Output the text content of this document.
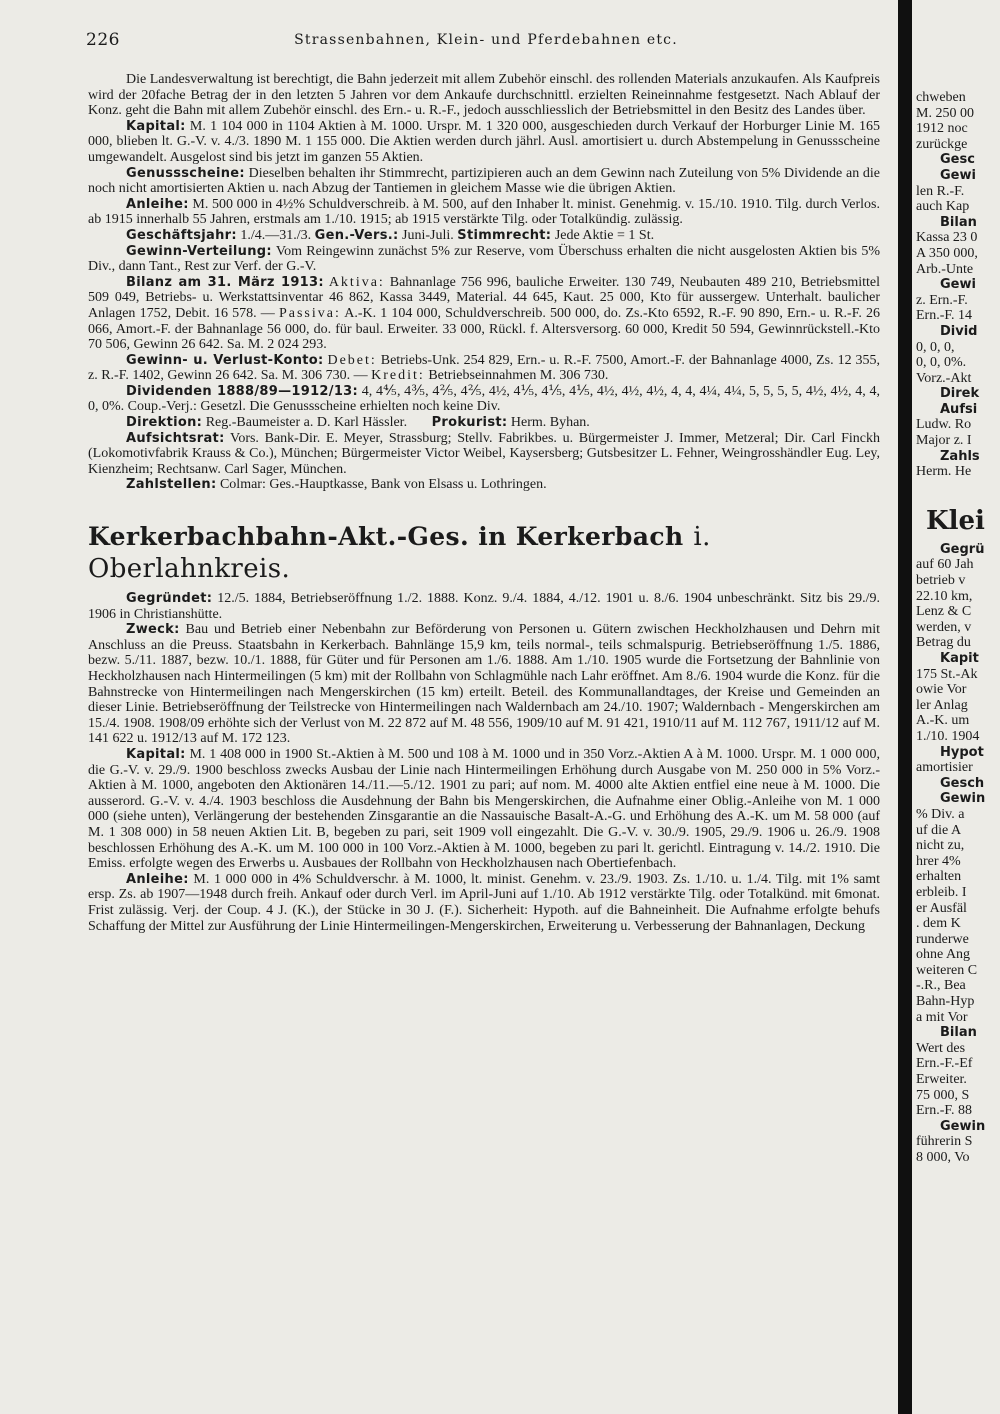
226	Strassenbahnen, Klein- und Pferdebahnen etc.

Die Landesverwaltung ist berechtigt, die Bahn jederzeit mit allem Zubehör einschl. des rollenden Materials anzukaufen. Als Kaufpreis wird der 20fache Betrag der in den letzten 5 Jahren vor dem Ankaufe durchschnittl. erzielten Reineinnahme festgesetzt. Nach Ablauf der Konz. geht die Bahn mit allem Zubehör einschl. des Ern.- u. R.-F., jedoch ausschliesslich der Betriebsmittel in den Besitz des Landes über.

Kapital: M. 1 104 000 in 1104 Aktien à M. 1000. Urspr. M. 1 320 000, ausgeschieden durch Verkauf der Horburger Linie M. 165 000, blieben lt. G.-V. v. 4./3. 1890 M. 1 155 000. Die Aktien werden durch jährl. Ausl. amortisiert u. durch Abstempelung in Genussscheine umgewandelt. Ausgelost sind bis jetzt im ganzen 55 Aktien.

Genussscheine: Dieselben behalten ihr Stimmrecht, partizipieren auch an dem Gewinn nach Zuteilung von 5% Dividende an die noch nicht amortisierten Aktien u. nach Abzug der Tantiemen in gleichem Masse wie die übrigen Aktien.

Anleihe: M. 500 000 in 4½% Schuldverschreib. à M. 500, auf den Inhaber lt. minist. Genehmig. v. 15./10. 1910. Tilg. durch Verlos. ab 1915 innerhalb 55 Jahren, erstmals am 1./10. 1915; ab 1915 verstärkte Tilg. oder Totalkündig. zulässig.

Geschäftsjahr: 1./4.—31./3. Gen.-Vers.: Juni-Juli. Stimmrecht: Jede Aktie = 1 St.

Gewinn-Verteilung: Vom Reingewinn zunächst 5% zur Reserve, vom Überschuss erhalten die nicht ausgelosten Aktien bis 5% Div., dann Tant., Rest zur Verf. der G.-V.

Bilanz am 31. März 1913: Aktiva: Bahnanlage 756 996, bauliche Erweiter. 130 749, Neubauten 489 210, Betriebsmittel 509 049, Betriebs- u. Werkstattsinventar 46 862, Kassa 3449, Material. 44 645, Kaut. 25 000, Kto für aussergew. Unterhalt. baulicher Anlagen 1752, Debit. 16 578. — Passiva: A.-K. 1 104 000, Schuldverschreib. 500 000, do. Zs.-Kto 6592, R.-F. 90 890, Ern.- u. R.-F. 26 066, Amort.-F. der Bahnanlage 56 000, do. für baul. Erweiter. 33 000, Rückl. f. Altersversorg. 60 000, Kredit 50 594, Gewinnrückstell.-Kto 70 506, Gewinn 26 642. Sa. M. 2 024 293.

Gewinn- u. Verlust-Konto: Debet: Betriebs-Unk. 254 829, Ern.- u. R.-F. 7500, Amort.-F. der Bahnanlage 4000, Zs. 12 355, z. R.-F. 1402, Gewinn 26 642. Sa. M. 306 730. — Kredit: Betriebseinnahmen M. 306 730.

Dividenden 1888/89—1912/13: 4, 4⅘, 4⅗, 4⅖, 4⅖, 4½, 4⅕, 4⅕, 4⅕, 4½, 4½, 4½, 4, 4, 4¼, 4¼, 5, 5, 5, 5, 4½, 4½, 4, 4, 0, 0%. Coup.-Verj.: Gesetzl. Die Genussscheine erhielten noch keine Div.

Direktion: Reg.-Baumeister a. D. Karl Hässler. Prokurist: Herm. Byhan.

Aufsichtsrat: Vors. Bank-Dir. E. Meyer, Strassburg; Stellv. Fabrikbes. u. Bürgermeister J. Immer, Metzeral; Dir. Carl Finckh (Lokomotivfabrik Krauss & Co.), München; Bürgermeister Victor Weibel, Kaysersberg; Gutsbesitzer L. Fehner, Weingrosshändler Eug. Ley, Kienzheim; Rechtsanw. Carl Sager, München.

Zahlstellen: Colmar: Ges.-Hauptkasse, Bank von Elsass u. Lothringen.

Kerkerbachbahn-Akt.-Ges. in Kerkerbach i. Oberlahnkreis.

Gegründet: 12./5. 1884, Betriebseröffnung 1./2. 1888. Konz. 9./4. 1884, 4./12. 1901 u. 8./6. 1904 unbeschränkt. Sitz bis 29./9. 1906 in Christianshütte.

Zweck: Bau und Betrieb einer Nebenbahn zur Beförderung von Personen u. Gütern zwischen Heckholzhausen und Dehrn mit Anschluss an die Preuss. Staatsbahn in Kerkerbach. Bahnlänge 15,9 km, teils normal-, teils schmalspurig. Betriebseröffnung 1./5. 1886, bezw. 5./11. 1887, bezw. 10./1. 1888, für Güter und für Personen am 1./6. 1888. Am 1./10. 1905 wurde die Fortsetzung der Bahnlinie von Heckholzhausen nach Hintermeilingen (5 km) mit der Rollbahn von Schlagmühle nach Lahr eröffnet. Am 8./6. 1904 wurde die Konz. für die Bahnstrecke von Hintermeilingen nach Mengerskirchen (15 km) erteilt. Beteil. des Kommunallandtages, der Kreise und Gemeinden an dieser Linie. Betriebseröffnung der Teilstrecke von Hintermeilingen nach Waldernbach am 24./10. 1907; Waldernbach - Mengerskirchen am 15./4. 1908. 1908/09 erhöhte sich der Verlust von M. 22 872 auf M. 48 556, 1909/10 auf M. 91 421, 1910/11 auf M. 112 767, 1911/12 auf M. 141 622 u. 1912/13 auf M. 172 123.

Kapital: M. 1 408 000 in 1900 St.-Aktien à M. 500 und 108 à M. 1000 und in 350 Vorz.-Aktien A à M. 1000. Urspr. M. 1 000 000, die G.-V. v. 29./9. 1900 beschloss zwecks Ausbau der Linie nach Hintermeilingen Erhöhung durch Ausgabe von M. 250 000 in 5% Vorz.-Aktien à M. 1000, angeboten den Aktionären 14./11.—5./12. 1901 zu pari; auf nom. M. 4000 alte Aktien entfiel eine neue à M. 1000. Die ausserord. G.-V. v. 4./4. 1903 beschloss die Ausdehnung der Bahn bis Mengerskirchen, die Aufnahme einer Oblig.-Anleihe von M. 1 000 000 (siehe unten), Verlängerung der bestehenden Zinsgarantie an die Nassauische Basalt-A.-G. und Erhöhung des A.-K. um M. 58 000 (auf M. 1 308 000) in 58 neuen Aktien Lit. B, begeben zu pari, seit 1909 voll eingezahlt. Die G.-V. v. 30./9. 1905, 29./9. 1906 u. 26./9. 1908 beschlossen Erhöhung des A.-K. um M. 100 000 in 100 Vorz.-Aktien à M. 1000, begeben zu pari lt. gerichtl. Eintragung v. 14./2. 1910. Die Emiss. erfolgte wegen des Erwerbs u. Ausbaues der Rollbahn von Heckholzhausen nach Obertiefenbach.

Anleihe: M. 1 000 000 in 4% Schuldverschr. à M. 1000, lt. minist. Genehm. v. 23./9. 1903. Zs. 1./10. u. 1./4. Tilg. mit 1% samt ersp. Zs. ab 1907—1948 durch freih. Ankauf oder durch Verl. im April-Juni auf 1./10. Ab 1912 verstärkte Tilg. oder Totalkünd. mit 6monat. Frist zulässig. Verj. der Coup. 4 J. (K.), der Stücke in 30 J. (F.). Sicherheit: Hypoth. auf die Bahneinheit. Die Aufnahme erfolgte behufs Schaffung der Mittel zur Ausführung der Linie Hintermeilingen-Mengerskirchen, Erweiterung u. Verbesserung der Bahnanlagen, Deckung

chweben
M. 250 00
1912 noc
zurückge
Gesc
Gewi
len R.-F.
auch Kap
Bilan
Kassa 23 0
A 350 000,
Arb.-Unte
Gewi
z. Ern.-F.
Ern.-F. 14
Divid
0, 0, 0,
0, 0, 0%.
Vorz.-Akt
Direk
Aufsi
Ludw. Ro
Major z. I
Zahls
Herm. He
Klei
Gegrü
auf 60 Jah
betrieb v
22.10 km,
Lenz & C
werden, v
Betrag du
Kapit
175 St.-Ak
owie Vor
ler Anlag
A.-K. um
1./10. 1904
Hypot
amortisier
Gesch
Gewin
% Div. a
uf die A
nicht zu,
hrer 4%
erhalten
erbleib. I
er Ausfäl
. dem K
runderwe
ohne Ang
weiteren C
-.R., Bea
Bahn-Hyp
a mit Vor
Bilan
Wert des
Ern.-F.-Ef
Erweiter.
75 000, S
Ern.-F. 88
Gewin
führerin S
8 000, Vo
